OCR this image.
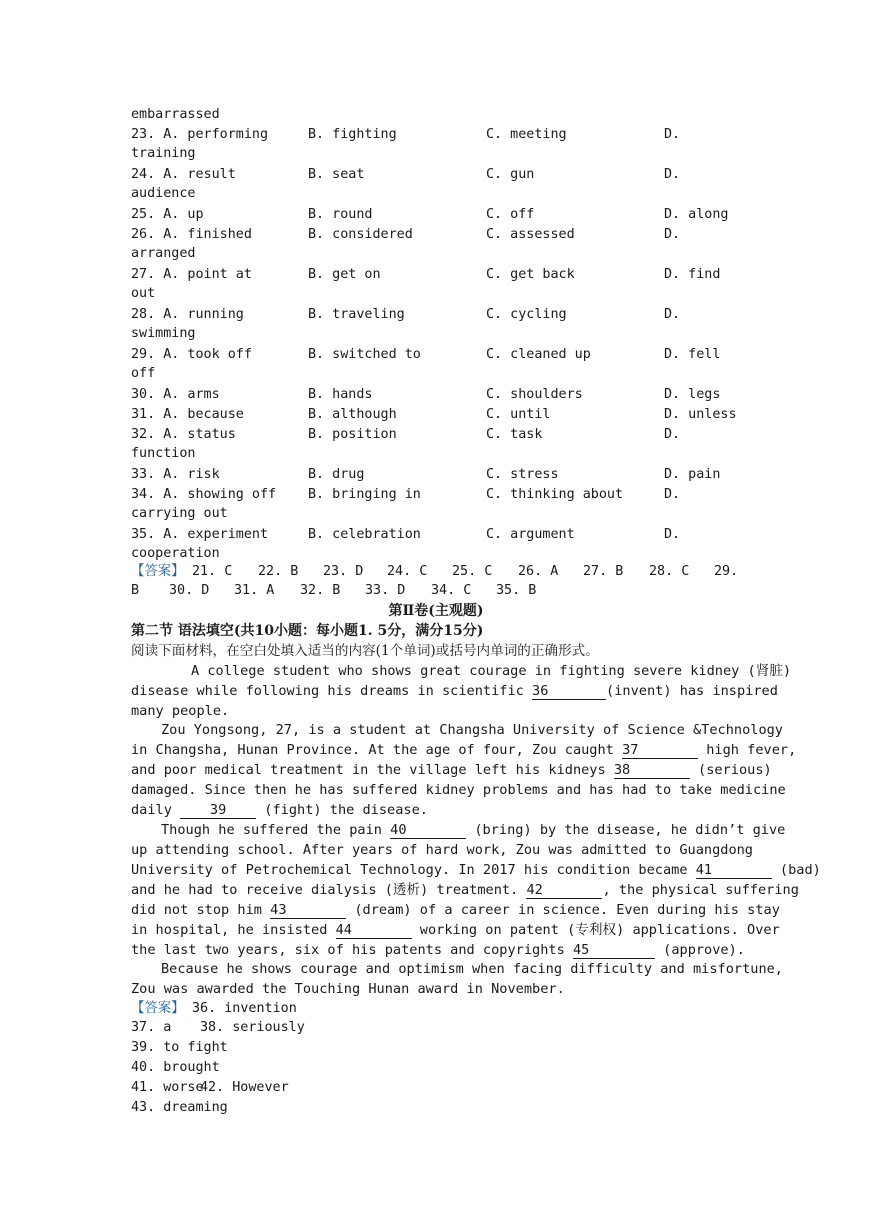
embarrassed
23. A. performing	B. fighting	C. meeting	D.
training
24. A. result	B. seat	C. gun	D.
audience
25. A. up	B. round	C. off	D. along
26. A. finished	B. considered	C. assessed	D.
arranged
27. A. point at	B. get on	C. get back	D. find
out
28. A. running	B. traveling	C. cycling	D.
swimming
29. A. took off	B. switched to	C. cleaned up	D. fell
off
30. A. arms	B. hands	C. shoulders	D. legs
31. A. because	B. although	C. until	D. unless
32. A. status	B. position	C. task	D.
function
33. A. risk	B. drug	C. stress	D. pain
34. A. showing off B. bringing in	C. thinking about	D.
carrying out
35. A. experiment	B. celebration	C. argument	D.
cooperation

【答案】

21. C 22. B 23. D 24. C 25. C 26. A 27. B 28. C 29.

B 30. D 31. A 32. B 33. D 34. C 35. B
第Ⅱ卷(主观题)
第二节 语法填空(共10小题：每小题1. 5分，满分15分)
阅读下面材料，在空白处填入适当的内容(1个单词)或括号内单词的正确形式。
A college student who shows great courage in fighting severe kidney (肾脏)
disease while following his dreams in scientific 36	(invent) has inspired
many people.
Zou Yongsong, 27, is a student at Changsha University of Science &Technology
in Changsha, Hunan Province. At the age of four, Zou caught 37	high fever,
and poor medical treatment in the village left his kidneys 38	(serious)
damaged. Since then he has suffered kidney problems and has had to take medicine
daily 39 (fight) the disease.
Though he suffered the pain 40	(bring) by the disease, he didn’t give
up attending school. After years of hard work, Zou was admitted to Guangdong
University of Petrochemical Technology. In 2017 his condition became 41	(bad)
and he had to receive dialysis (透析) treatment. 42	, the physical suffering
did not stop him 43	(dream) of a career in science. Even during his stay
in hospital, he insisted 44	working on patent (专利权) applications. Over
the last two years, six of his patents and copyrights 45	(approve).
Because he shows courage and optimism when facing difficulty and misfortune,
Zou was awarded the Touching Hunan award in November.

【答案】

36. invention

37. a 38. seriously
39. to fight
40. brought
41. worse
42. However
43. dreaming
